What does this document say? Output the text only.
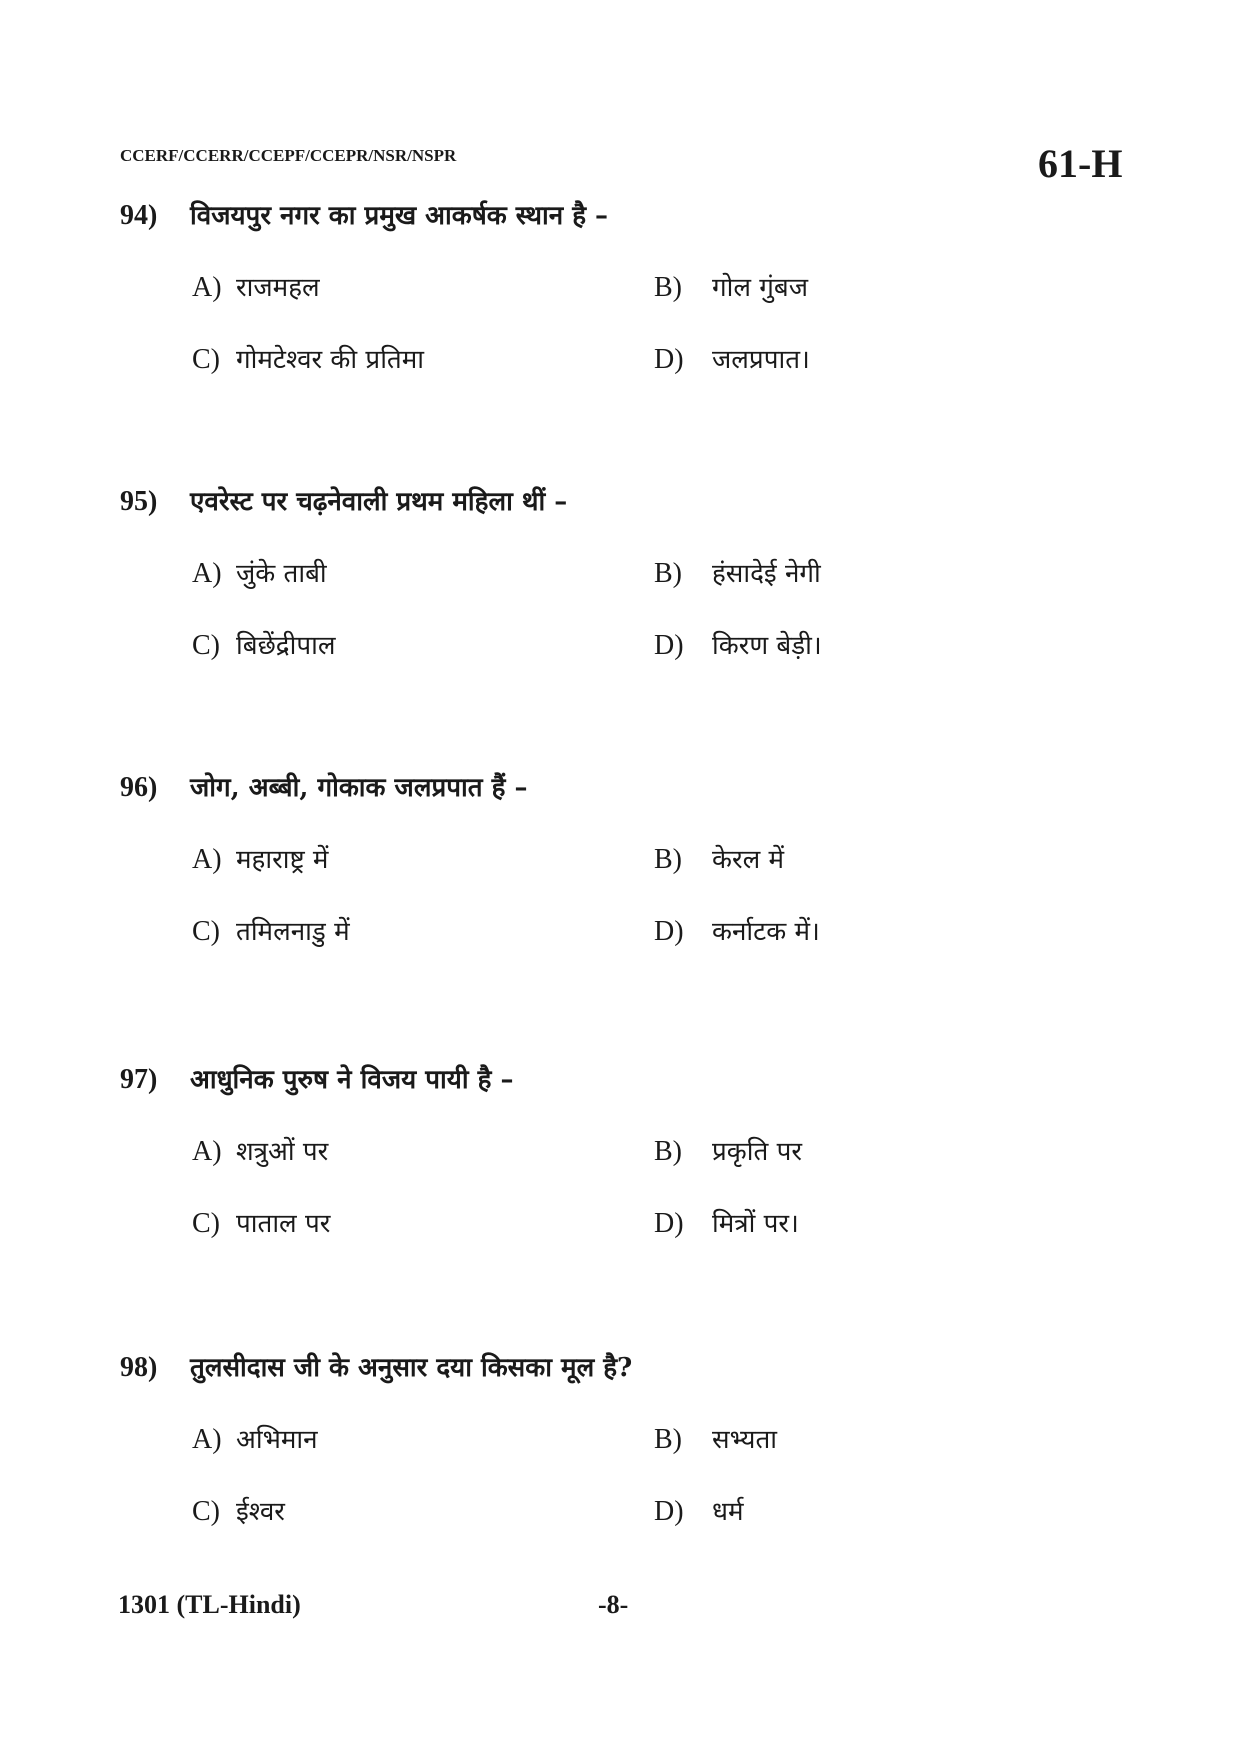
CCERF/CCERR/CCEPF/CCEPR/NSR/NSPR	61-H
94)	विजयपुर नगर का प्रमुख आकर्षक स्थान है –
A) राजमहल	B)	गोल गुंबज
C) गोमटेश्वर की प्रतिमा	D)	जलप्रपात।
95)	एवरेस्ट पर चढ़नेवाली प्रथम महिला थीं –
A) जुंके ताबी	B)	हंसादेई नेगी
C) बिछेंद्रीपाल	D)	किरण बेड़ी।
96)	जोग, अब्बी, गोकाक जलप्रपात हैं –
A) महाराष्ट्र में	B)	केरल में
C) तमिलनाडु में	D)	कर्नाटक में।
97)	आधुनिक पुरुष ने विजय पायी है –
A) शत्रुओं पर	B)	प्रकृति पर
C) पाताल पर	D)	मित्रों पर।
98)	तुलसीदास जी के अनुसार दया किसका मूल है?
A) अभिमान	B)	सभ्यता
C) ईश्वर	D)	धर्म
1301 (TL-Hindi)	-8-
